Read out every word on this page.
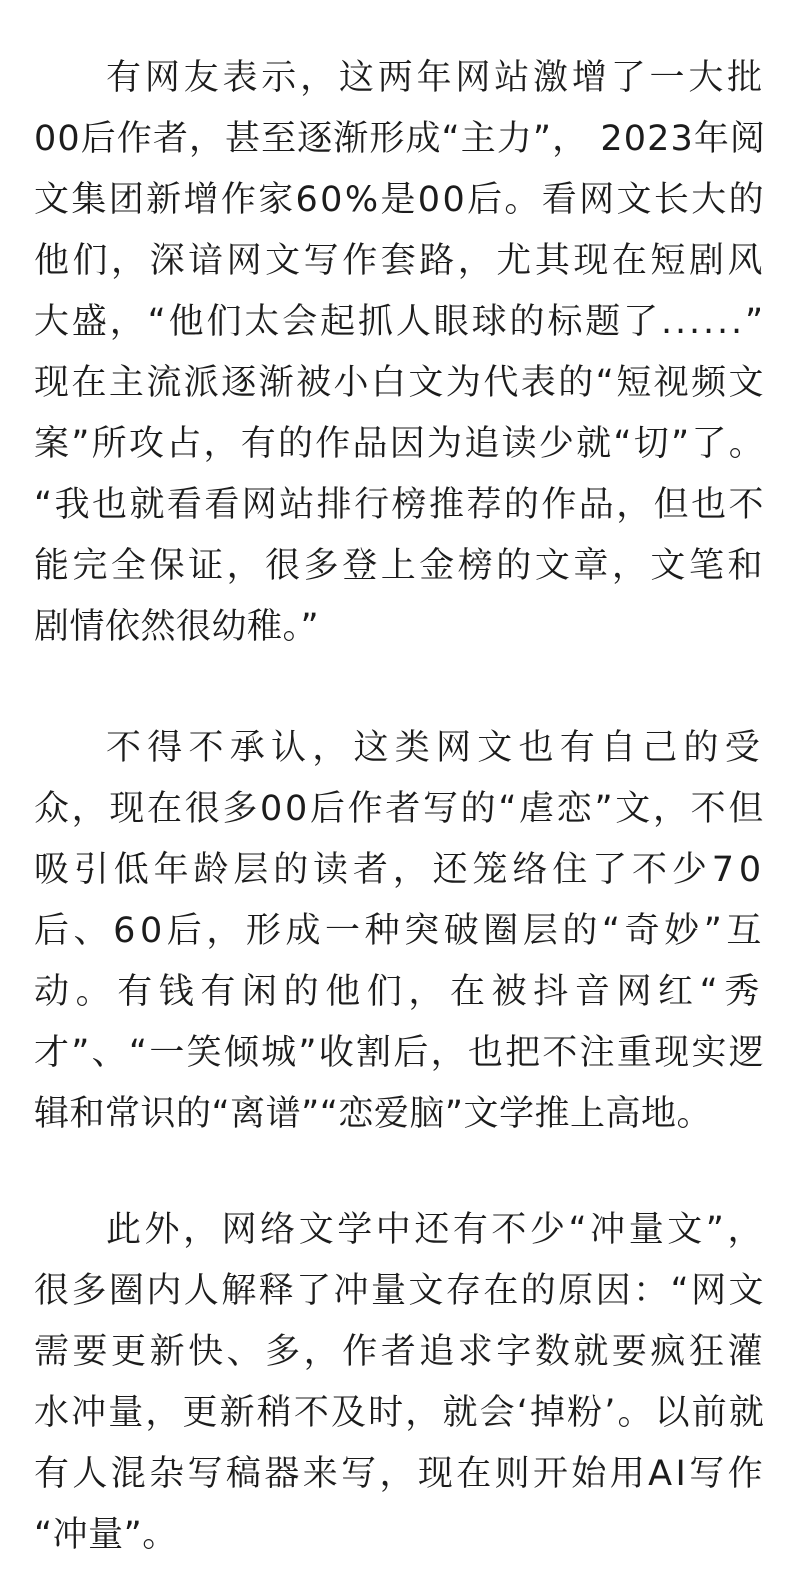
有网友表示，这两年网站激增了一大批
00后作者，甚至逐渐形成“主力”， 2023年阅
文集团新增作家60%是00后。看网文长大的
他们，深谙网文写作套路，尤其现在短剧风
大盛，“他们太会起抓人眼球的标题了......”
现在主流派逐渐被小白文为代表的“短视频文
案”所攻占，有的作品因为追读少就“切”了。
“我也就看看网站排行榜推荐的作品，但也不
能完全保证，很多登上金榜的文章，文笔和
剧情依然很幼稚。”
不得不承认，这类网文也有自己的受
众，现在很多00后作者写的“虐恋”文，不但
吸引低年龄层的读者，还笼络住了不少70
后、60后，形成一种突破圈层的“奇妙”互
动。有钱有闲的他们，在被抖音网红“秀
才”、“一笑倾城”收割后，也把不注重现实逻
辑和常识的“离谱”“恋爱脑”文学推上高地。
此外，网络文学中还有不少“冲量文”，
很多圈内人解释了冲量文存在的原因：“网文
需要更新快、多，作者追求字数就要疯狂灌
水冲量，更新稍不及时，就会‘掉粉’。以前就
有人混杂写稿器来写，现在则开始用AI写作
“冲量”。
